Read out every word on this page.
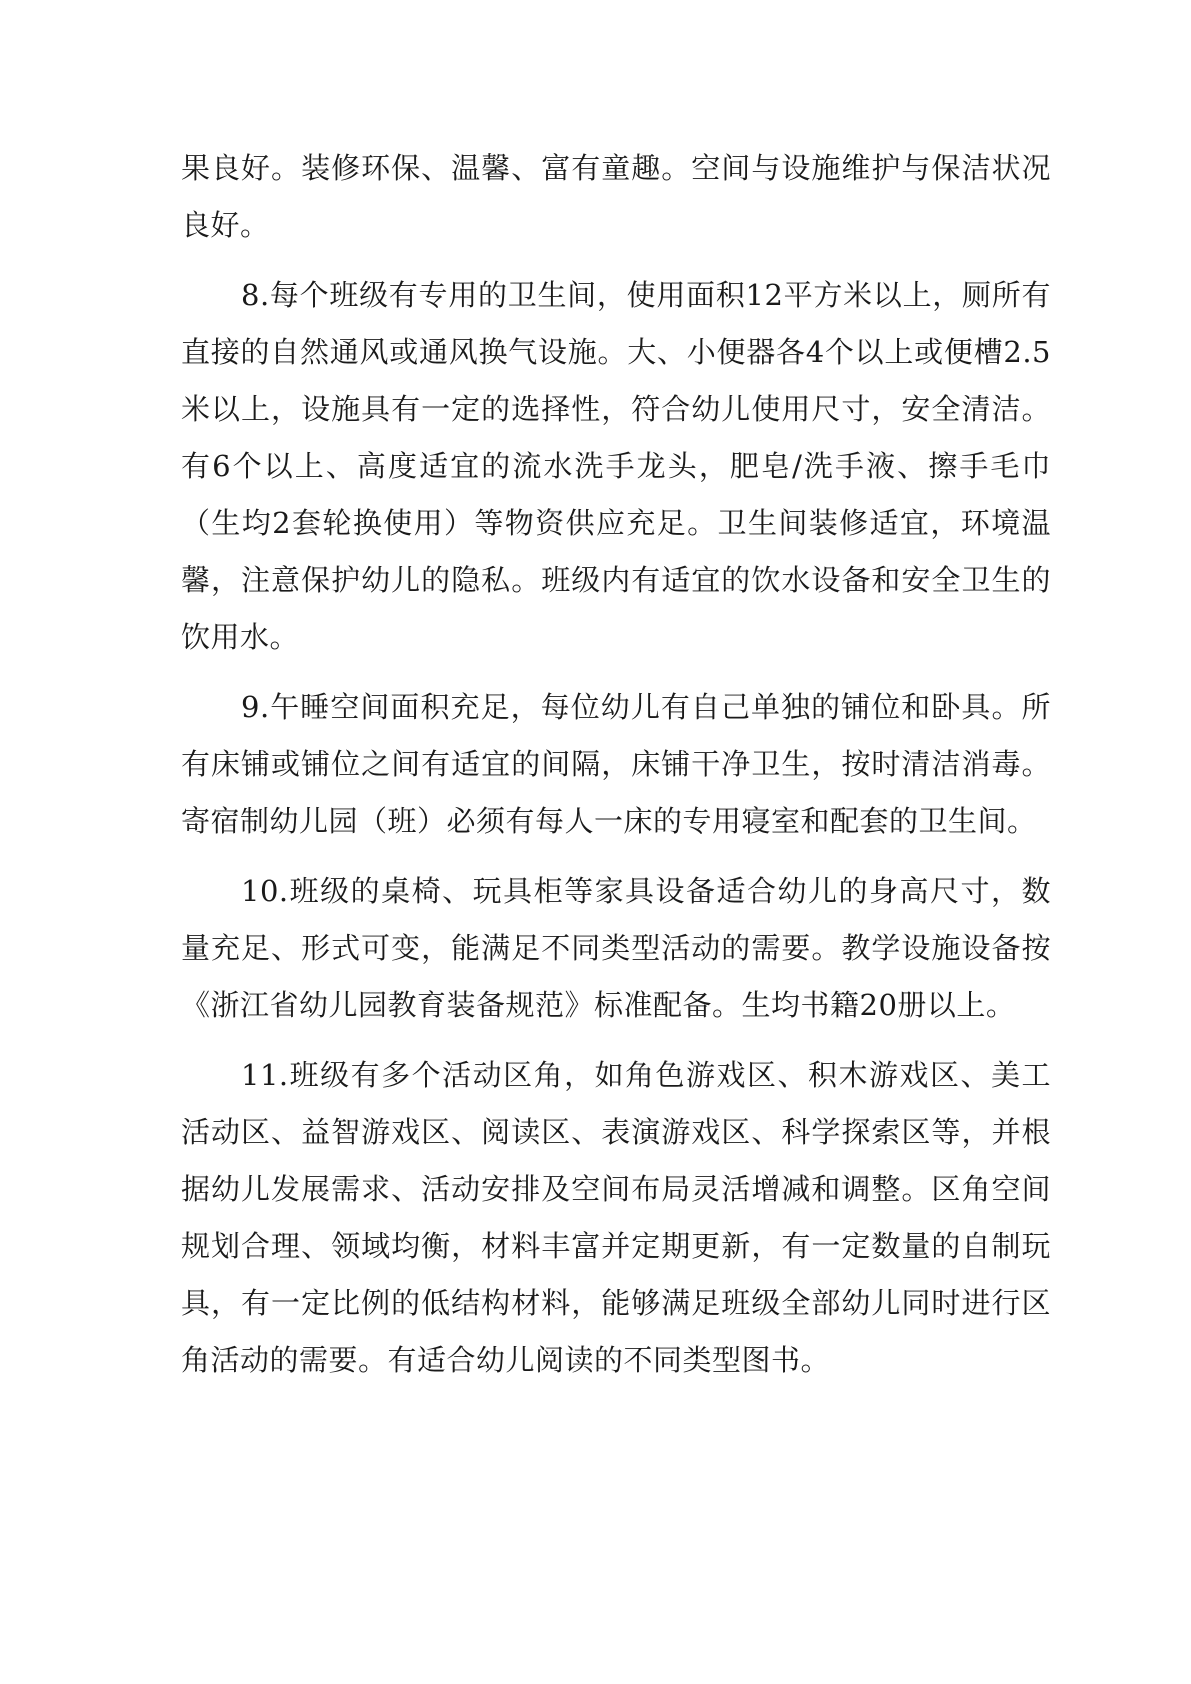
果良好。装修环保、温馨、富有童趣。空间与设施维护与保洁状况良好。

8.每个班级有专用的卫生间，使用面积12平方米以上，厕所有直接的自然通风或通风换气设施。大、小便器各4个以上或便槽2.5米以上，设施具有一定的选择性，符合幼儿使用尺寸，安全清洁。有6个以上、高度适宜的流水洗手龙头，肥皂/洗手液、擦手毛巾（生均2套轮换使用）等物资供应充足。卫生间装修适宜，环境温馨，注意保护幼儿的隐私。班级内有适宜的饮水设备和安全卫生的饮用水。

9.午睡空间面积充足，每位幼儿有自己单独的铺位和卧具。所有床铺或铺位之间有适宜的间隔，床铺干净卫生，按时清洁消毒。寄宿制幼儿园（班）必须有每人一床的专用寝室和配套的卫生间。

10.班级的桌椅、玩具柜等家具设备适合幼儿的身高尺寸，数量充足、形式可变，能满足不同类型活动的需要。教学设施设备按《浙江省幼儿园教育装备规范》标准配备。生均书籍20册以上。

11.班级有多个活动区角，如角色游戏区、积木游戏区、美工活动区、益智游戏区、阅读区、表演游戏区、科学探索区等，并根据幼儿发展需求、活动安排及空间布局灵活增减和调整。区角空间规划合理、领域均衡，材料丰富并定期更新，有一定数量的自制玩具，有一定比例的低结构材料，能够满足班级全部幼儿同时进行区角活动的需要。有适合幼儿阅读的不同类型图书。
